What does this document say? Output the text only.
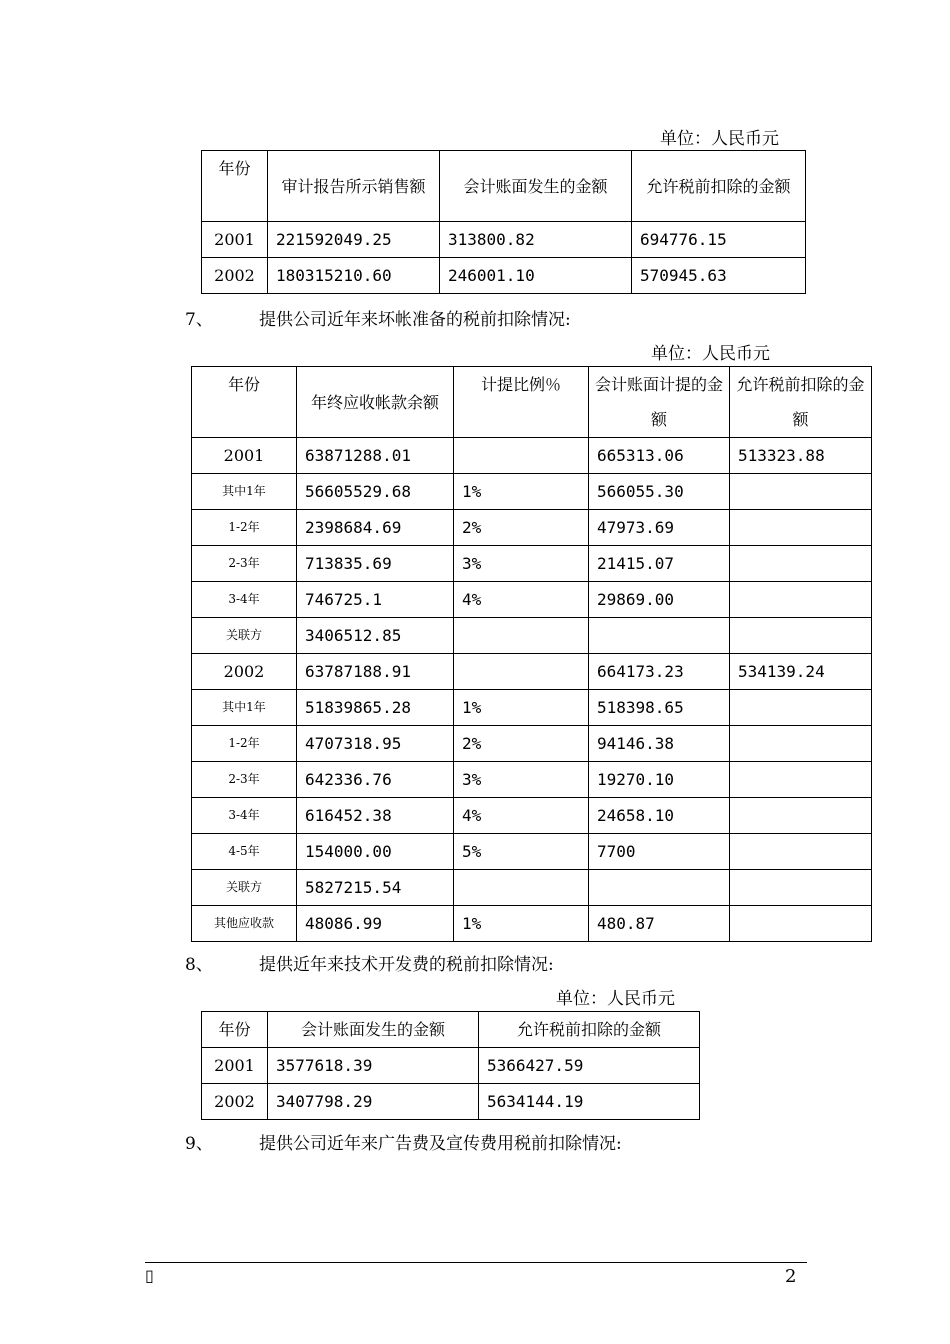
单位：人民币元
年份	审计报告所示销售额	会计账面发生的金额	允许税前扣除的金额
2001	221592049.25	313800.82	694776.15
2002	180315210.60	246001.10	570945.63
7、	提供公司近年来坏帐准备的税前扣除情况:
单位：人民币元
年份	年终应收帐款余额	计提比例％	会计账面计提的金额	允许税前扣除的金额
2001	63871288.01		665313.06	513323.88
其中1年	56605529.68	1%	566055.30	
1-2年	2398684.69	2%	47973.69	
2-3年	713835.69	3%	21415.07	
3-4年	746725.1	4%	29869.00	
关联方	3406512.85			
2002	63787188.91		664173.23	534139.24
其中1年	51839865.28	1%	518398.65	
1-2年	4707318.95	2%	94146.38	
2-3年	642336.76	3%	19270.10	
3-4年	616452.38	4%	24658.10	
4-5年	154000.00	5%	7700	
关联方	5827215.54			
其他应收款	48086.99	1%	480.87	
8、	提供近年来技术开发费的税前扣除情况:
单位：人民币元
年份	会计账面发生的金额	允许税前扣除的金额
2001	3577618.39	5366427.59
2002	3407798.29	5634144.19
9、	提供公司近年来广告费及宣传费用税前扣除情况:
▯	2
